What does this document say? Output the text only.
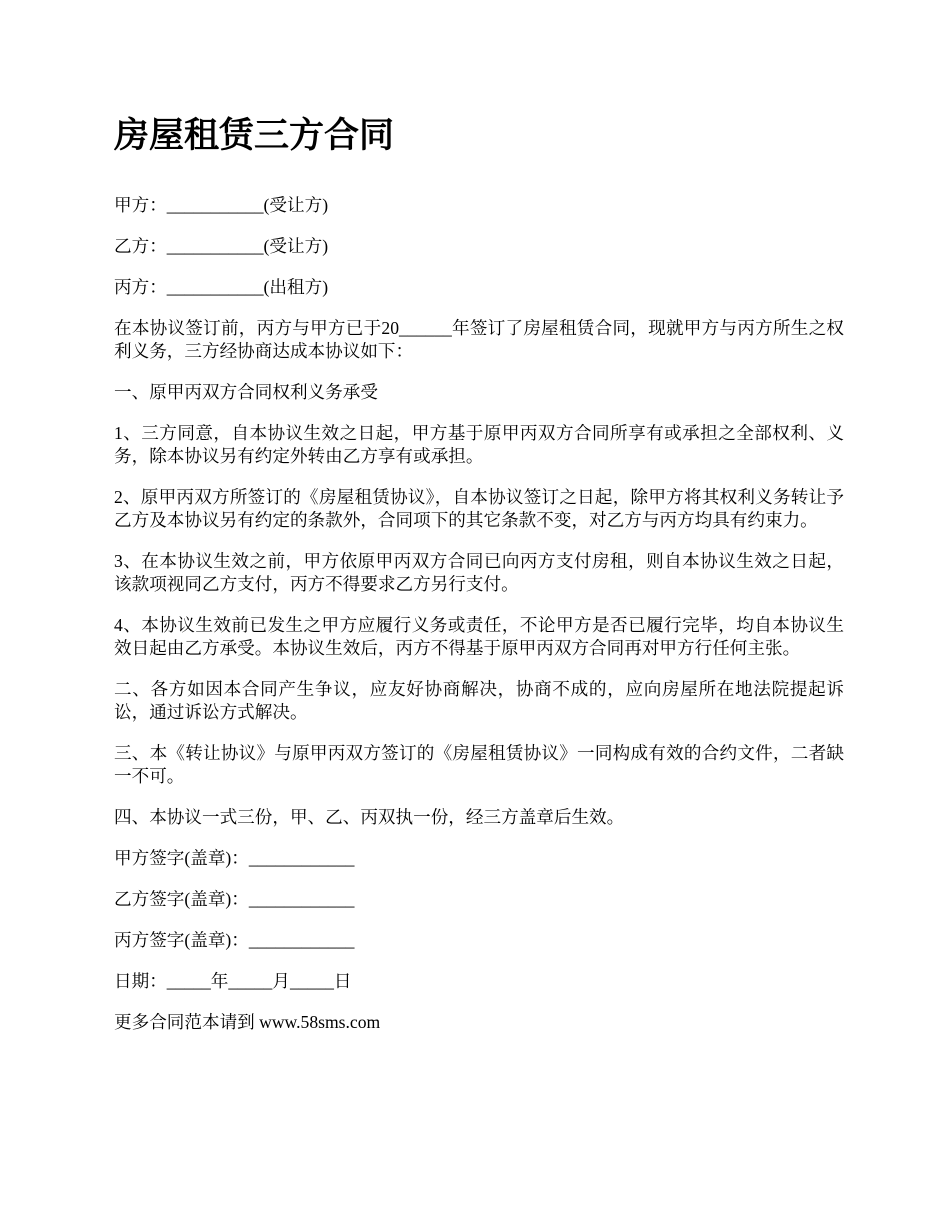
房屋租赁三方合同

甲方：___________(受让方)

乙方：___________(受让方)

丙方：___________(出租方)

在本协议签订前，丙方与甲方已于20______年签订了房屋租赁合同，现就甲方与丙方所生之权利义务，三方经协商达成本协议如下：

一、原甲丙双方合同权利义务承受

1、三方同意，自本协议生效之日起，甲方基于原甲丙双方合同所享有或承担之全部权利、义务，除本协议另有约定外转由乙方享有或承担。

2、原甲丙双方所签订的《房屋租赁协议》，自本协议签订之日起，除甲方将其权利义务转让予乙方及本协议另有约定的条款外，合同项下的其它条款不变，对乙方与丙方均具有约束力。

3、在本协议生效之前，甲方依原甲丙双方合同已向丙方支付房租，则自本协议生效之日起，该款项视同乙方支付，丙方不得要求乙方另行支付。

4、本协议生效前已发生之甲方应履行义务或责任，不论甲方是否已履行完毕，均自本协议生效日起由乙方承受。本协议生效后，丙方不得基于原甲丙双方合同再对甲方行任何主张。

二、各方如因本合同产生争议，应友好协商解决，协商不成的，应向房屋所在地法院提起诉讼，通过诉讼方式解决。

三、本《转让协议》与原甲丙双方签订的《房屋租赁协议》一同构成有效的合约文件，二者缺一不可。

四、本协议一式三份，甲、乙、丙双执一份，经三方盖章后生效。

甲方签字(盖章)：____________

乙方签字(盖章)：____________

丙方签字(盖章)：____________

日期：_____年_____月_____日

更多合同范本请到 www.58sms.com
